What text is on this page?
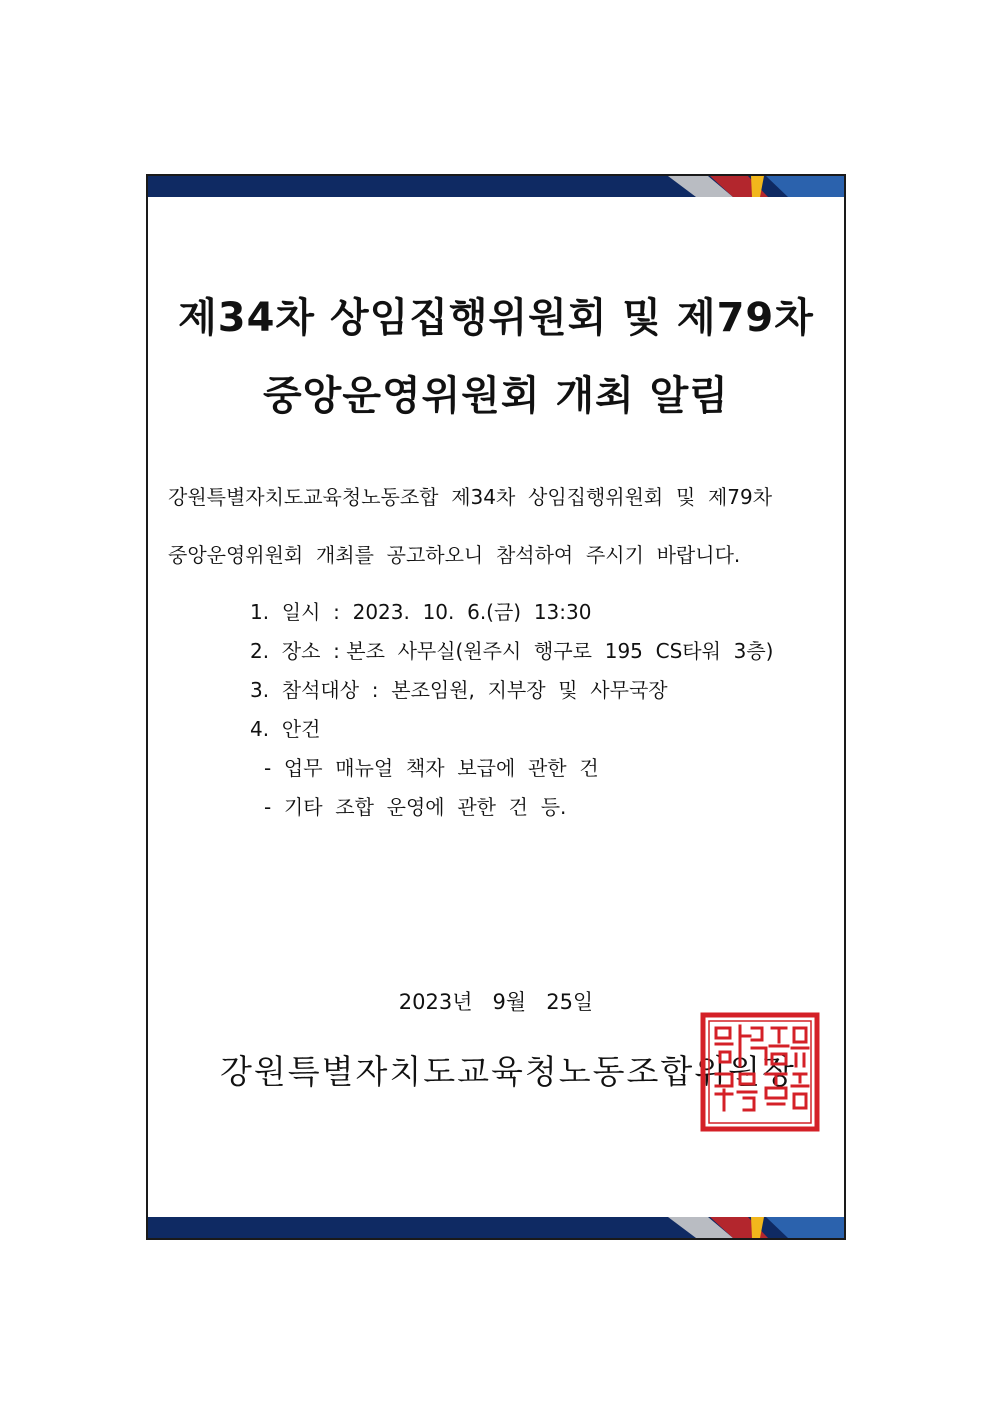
제34차 상임집행위원회 및 제79차
중앙운영위원회 개최 알림
강원특별자치도교육청노동조합  제34차  상임집행위원회  및  제79차
중앙운영위원회  개최를  공고하오니  참석하여  주시기  바랍니다.
1.  일시  :  2023.  10.  6.(금)  13:30
2.  장소  : 본조  사무실(원주시  행구로  195  CS타워  3층)
3.  참석대상  :  본조임원,  지부장  및  사무국장
4.  안건
-  업무  매뉴얼  책자  보급에  관한  건
-  기타  조합  운영에  관한  건  등.
2023년   9월   25일
강원특별자치도교육청노동조합위원장
